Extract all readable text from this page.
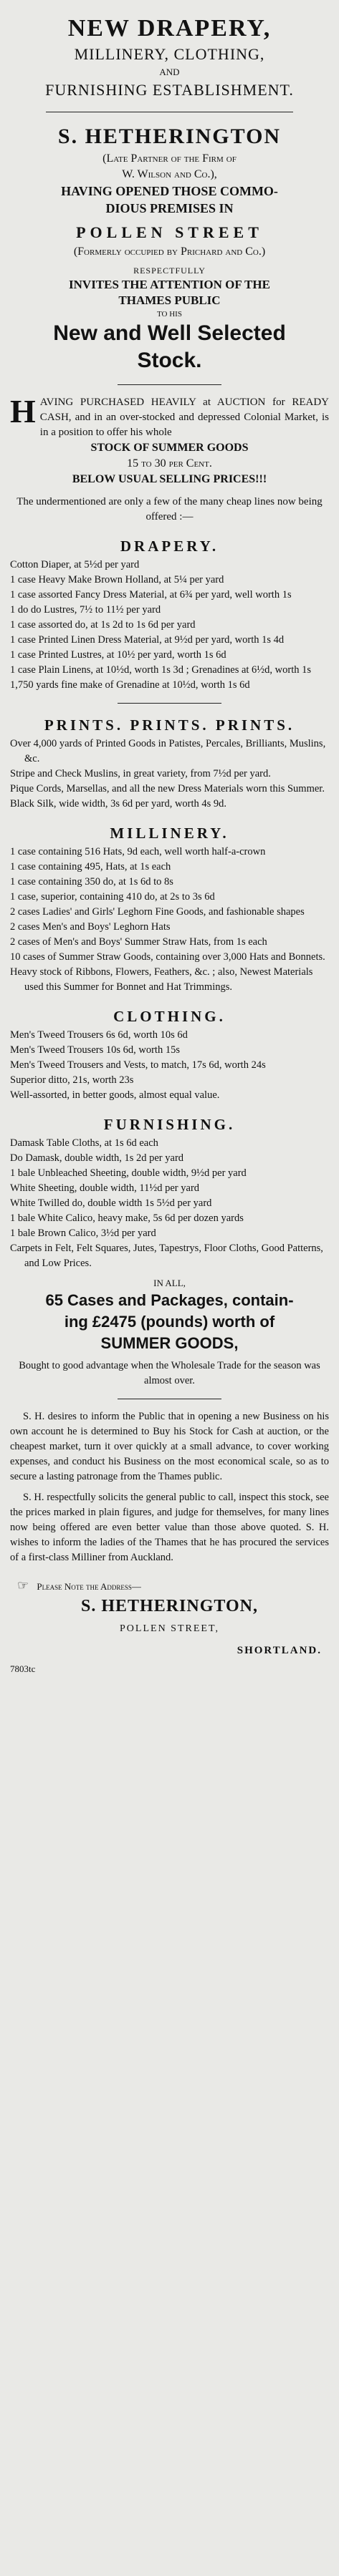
NEW DRAPERY,
MILLINERY, CLOTHING,
AND
FURNISHING ESTABLISHMENT.
S. HETHERINGTON
(Late Partner of the Firm of
W. Wilson and Co.),
HAVING OPENED THOSE COMMO-
DIOUS PREMISES IN
POLLEN STREET
(Formerly occupied by Prichard and Co.)
RESPECTFULLY
INVITES THE ATTENTION OF THE
THAMES PUBLIC
TO HIS
New and Well Selected
Stock.
H AVING PURCHASED HEAVILY at AUCTION for READY CASH, and in an over-stocked and depressed Colonial Market, is in a position to offer his whole
STOCK OF SUMMER GOODS
15 to 30 per Cent.
BELOW USUAL SELLING PRICES!!!
The undermentioned are only a few of the many cheap lines now being offered :—
DRAPERY.

Cotton Diaper, at 5½d per yard

1 case Heavy Make Brown Holland, at 5¼ per yard

1 case assorted Fancy Dress Material, at 6¾ per yard, well worth 1s

1 do do Lustres, 7½ to 11½ per yard

1 case assorted do, at 1s 2d to 1s 6d per yard

1 case Printed Linen Dress Material, at 9½d per yard, worth 1s 4d

1 case Printed Lustres, at 10½ per yard, worth 1s 6d

1 case Plain Linens, at 10½d, worth 1s 3d ; Grenadines at 6½d, worth 1s

1,750 yards fine make of Grenadine at 10½d, worth 1s 6d

PRINTS. PRINTS. PRINTS.

Over 4,000 yards of Printed Goods in Patistes, Percales, Brilliants, Muslins, &c.

Stripe and Check Muslins, in great variety, from 7½d per yard.

Pique Cords, Marsellas, and all the new Dress Materials worn this Summer.

Black Silk, wide width, 3s 6d per yard, worth 4s 9d.

MILLINERY.

1 case containing 516 Hats, 9d each, well worth half-a-crown

1 case containing 495, Hats, at 1s each

1 case containing 350 do, at 1s 6d to 8s

1 case, superior, containing 410 do, at 2s to 3s 6d

2 cases Ladies' and Girls' Leghorn Fine Goods, and fashionable shapes

2 cases Men's and Boys' Leghorn Hats

2 cases of Men's and Boys' Summer Straw Hats, from 1s each

10 cases of Summer Straw Goods, containing over 3,000 Hats and Bonnets.

Heavy stock of Ribbons, Flowers, Feathers, &c. ; also, Newest Materials used this Summer for Bonnet and Hat Trimmings.

CLOTHING.

Men's Tweed Trousers 6s 6d, worth 10s 6d

Men's Tweed Trousers 10s 6d, worth 15s

Men's Tweed Trousers and Vests, to match, 17s 6d, worth 24s

Superior ditto, 21s, worth 23s

Well-assorted, in better goods, almost equal value.

FURNISHING.

Damask Table Cloths, at 1s 6d each

Do Damask, double width, 1s 2d per yard

1 bale Unbleached Sheeting, double width, 9½d per yard

White Sheeting, double width, 11½d per yard

White Twilled do, double width 1s 5½d per yard

1 bale White Calico, heavy make, 5s 6d per dozen yards

1 bale Brown Calico, 3½d per yard

Carpets in Felt, Felt Squares, Jutes, Tapestrys, Floor Cloths, Good Patterns, and Low Prices.

IN ALL,
65 Cases and Packages, contain-
ing £2475 (pounds) worth of
SUMMER GOODS,
Bought to good advantage when the Wholesale Trade for the season was almost over.

S. H. desires to inform the Public that in opening a new Business on his own account he is determined to Buy his Stock for Cash at auction, or the cheapest market, turn it over quickly at a small advance, to cover working expenses, and conduct his Business on the most economical scale, so as to secure a lasting patronage from the Thames public.

S. H. respectfully solicits the general public to call, inspect this stock, see the prices marked in plain figures, and judge for themselves, for many lines now being offered are even better value than those above quoted. S. H. wishes to inform the ladies of the Thames that he has procured the services of a first-class Milliner from Auckland.

☞ Please Note the Address—
S. HETHERINGTON,
POLLEN STREET,
SHORTLAND.
7803tc
